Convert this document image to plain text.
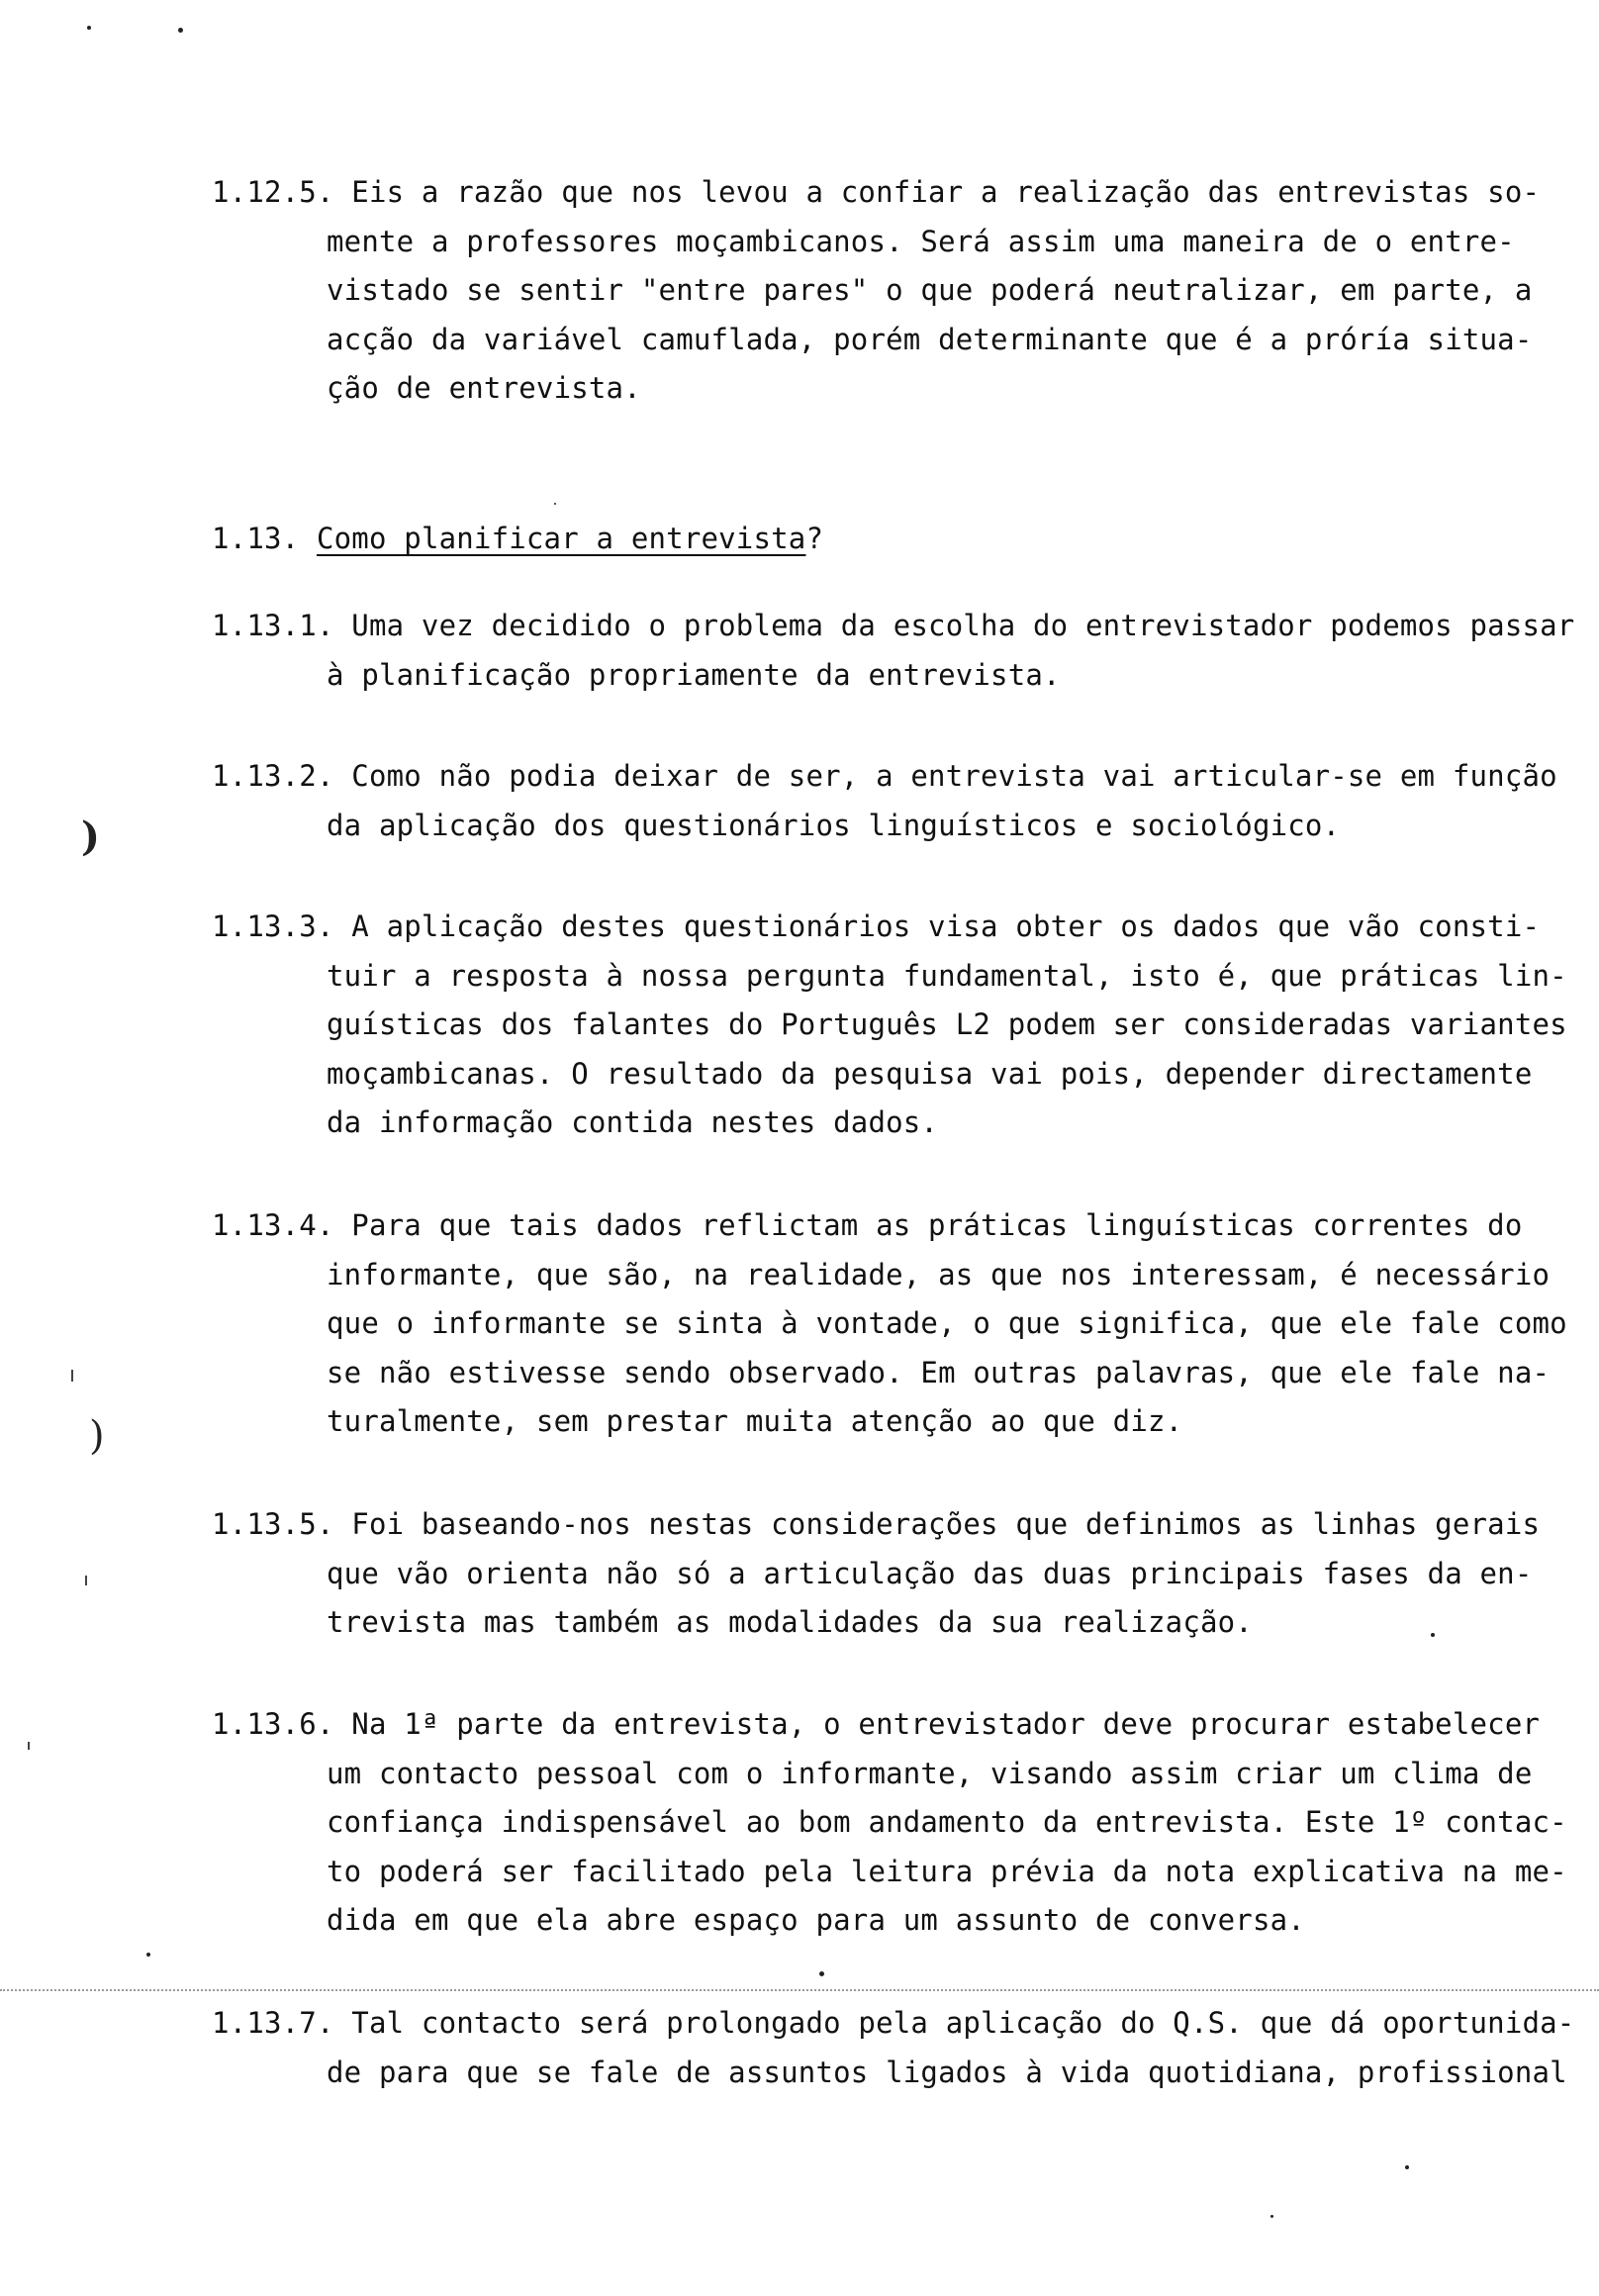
1.12.5. Eis a razão que nos levou a confiar a realização das entrevistas so-
mente a professores moçambicanos. Será assim uma maneira de o entre-
vistado se sentir "entre pares" o que poderá neutralizar, em parte, a
acção da variável camuflada, porém determinante que é a próría situa-
ção de entrevista.
1.13. Como planificar a entrevista?
1.13.1. Uma vez decidido o problema da escolha do entrevistador podemos passar
à planificação propriamente da entrevista.
1.13.2. Como não podia deixar de ser, a entrevista vai articular-se em função
da aplicação dos questionários linguísticos e sociológico.
1.13.3. A aplicação destes questionários visa obter os dados que vão consti-
tuir a resposta à nossa pergunta fundamental, isto é, que práticas lin-
guísticas dos falantes do Português L2 podem ser consideradas variantes
moçambicanas. O resultado da pesquisa vai pois, depender directamente
da informação contida nestes dados.
1.13.4. Para que tais dados reflictam as práticas linguísticas correntes do
informante, que são, na realidade, as que nos interessam, é necessário
que o informante se sinta à vontade, o que significa, que ele fale como
se não estivesse sendo observado. Em outras palavras, que ele fale na-
turalmente, sem prestar muita atenção ao que diz.
1.13.5. Foi baseando-nos nestas considerações que definimos as linhas gerais
que vão orienta não só a articulação das duas principais fases da en-
trevista mas também as modalidades da sua realização.
1.13.6. Na 1ª parte da entrevista, o entrevistador deve procurar estabelecer
um contacto pessoal com o informante, visando assim criar um clima de
confiança indispensável ao bom andamento da entrevista. Este 1º contac-
to poderá ser facilitado pela leitura prévia da nota explicativa na me-
dida em que ela abre espaço para um assunto de conversa.
1.13.7. Tal contacto será prolongado pela aplicação do Q.S. que dá oportunida-
de para que se fale de assuntos ligados à vida quotidiana, profissional
)
)
